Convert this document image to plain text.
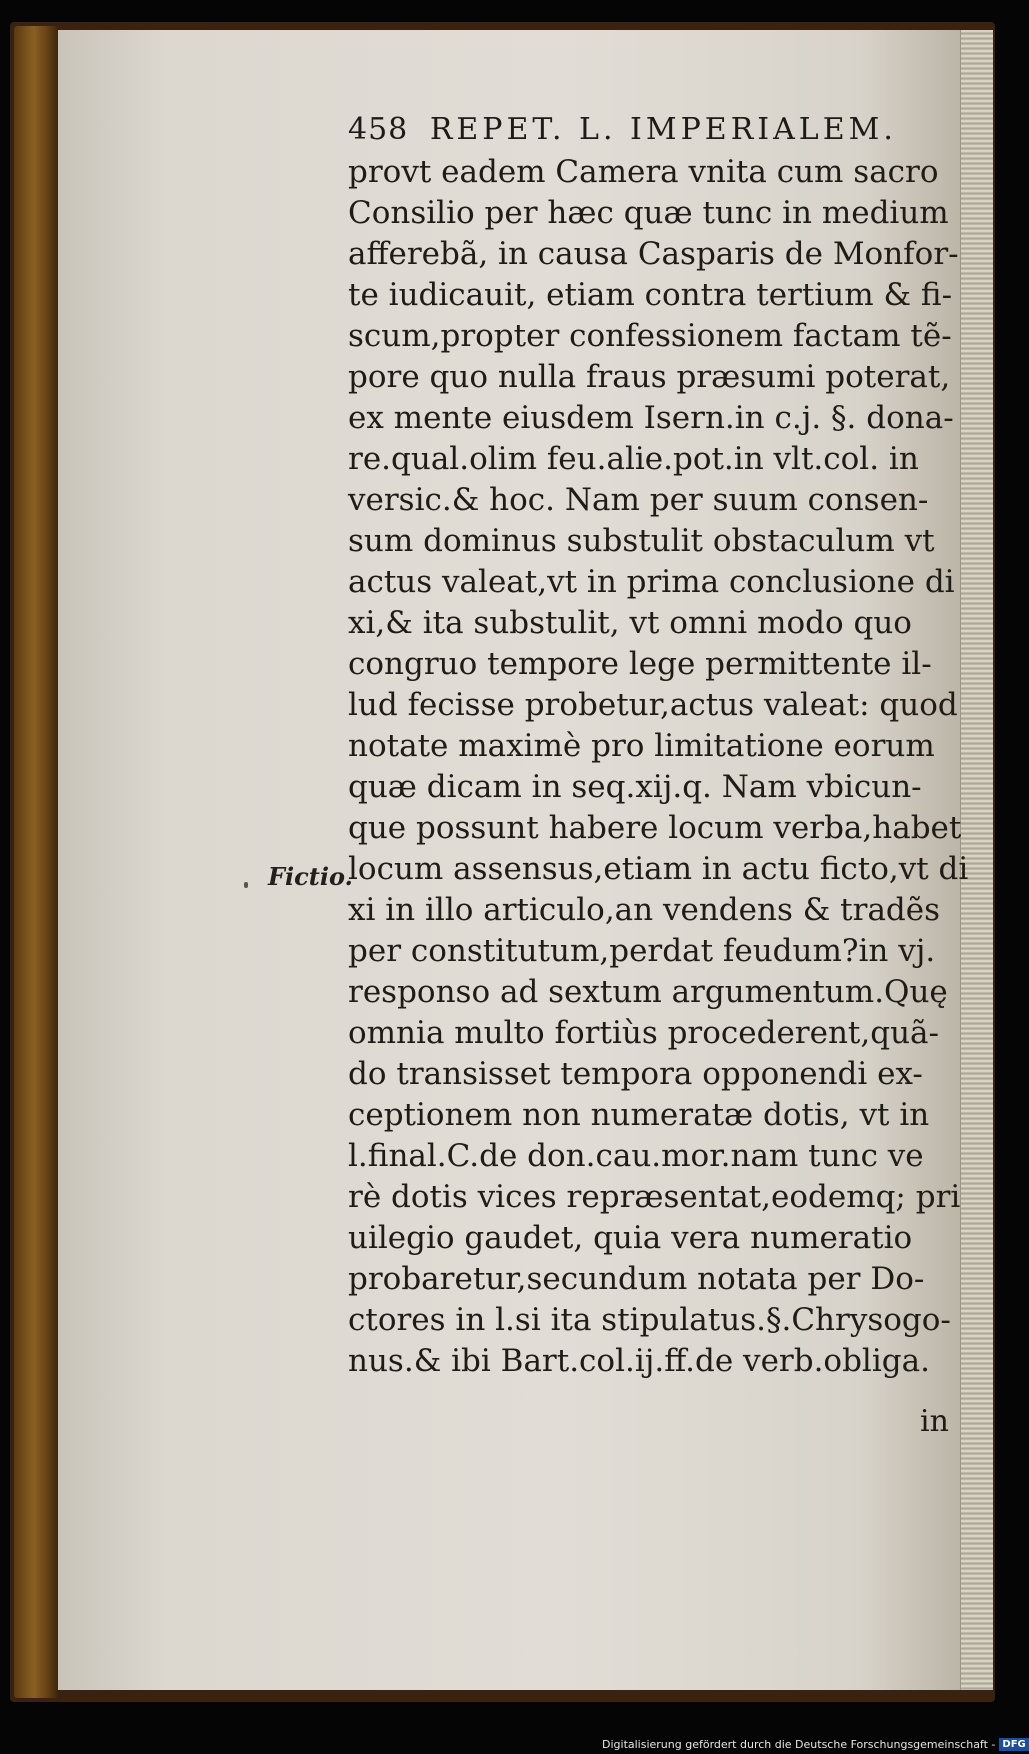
458 REPET. L. IMPERIALEM.
Fictio.
provt eadem Camera vnita cum sacro
Consilio per hæc quæ tunc in medium
afferebã, in causa Casparis de Monfor-
te iudicauit, etiam contra tertium & fi-
scum,propter confessionem factam tẽ-
pore quo nulla fraus præsumi poterat,
ex mente eiusdem Isern.in c.j. §. dona-
re.qual.olim feu.alie.pot.in vlt.col. in
versic.& hoc. Nam per suum consen-
sum dominus substulit obstaculum vt
actus valeat,vt in prima conclusione di
xi,& ita substulit, vt omni modo quo
congruo tempore lege permittente il-
lud fecisse probetur,actus valeat: quod
notate maximè pro limitatione eorum
quæ dicam in seq.xij.q. Nam vbicun-
que possunt habere locum verba,habet
locum assensus,etiam in actu ficto,vt di
xi in illo articulo,an vendens & tradẽs
per constitutum,perdat feudum?in vj.
responso ad sextum argumentum.Quę
omnia multo fortiùs procederent,quã-
do transisset tempora opponendi ex-
ceptionem non numeratæ dotis, vt in
l.final.C.de don.cau.mor.nam tunc ve
rè dotis vices repræsentat,eodemq; pri
uilegio gaudet, quia vera numeratio
probaretur,secundum notata per Do-
ctores in l.si ita stipulatus.§.Chrysogo-
nus.& ibi Bart.col.ij.ff.de verb.obliga.
in
Digitalisierung gefördert durch die Deutsche Forschungsgemeinschaft - DFG
